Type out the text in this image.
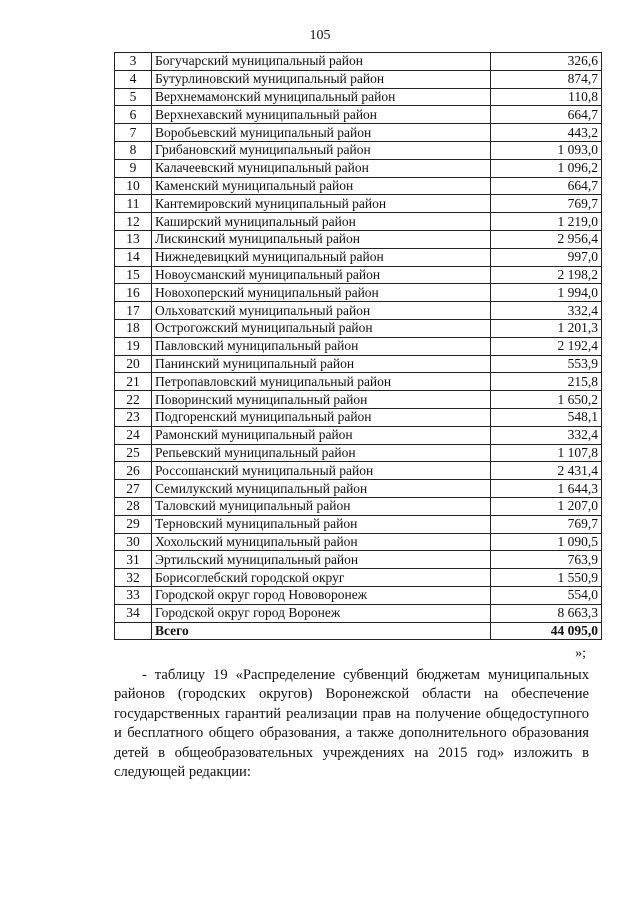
105
3	Богучарский муниципальный район	326,6
4	Бутурлиновский муниципальный район	874,7
5	Верхнемамонский муниципальный район	110,8
6	Верхнехавский муниципальный район	664,7
7	Воробьевский муниципальный район	443,2
8	Грибановский муниципальный район	1 093,0
9	Калачеевский муниципальный район	1 096,2
10	Каменский муниципальный район	664,7
11	Кантемировский муниципальный район	769,7
12	Каширский муниципальный район	1 219,0
13	Лискинский муниципальный район	2 956,4
14	Нижнедевицкий муниципальный район	997,0
15	Новоусманский муниципальный район	2 198,2
16	Новохоперский муниципальный район	1 994,0
17	Ольховатский муниципальный район	332,4
18	Острогожский муниципальный район	1 201,3
19	Павловский муниципальный район	2 192,4
20	Панинский муниципальный район	553,9
21	Петропавловский муниципальный район	215,8
22	Поворинский муниципальный район	1 650,2
23	Подгоренский муниципальный район	548,1
24	Рамонский муниципальный район	332,4
25	Репьевский муниципальный район	1 107,8
26	Россошанский муниципальный район	2 431,4
27	Семилукский муниципальный район	1 644,3
28	Таловский муниципальный район	1 207,0
29	Терновский муниципальный район	769,7
30	Хохольский муниципальный район	1 090,5
31	Эртильский муниципальный район	763,9
32	Борисоглебский городской округ	1 550,9
33	Городской округ город Нововоронеж	554,0
34	Городской округ город Воронеж	8 663,3
	Всего	44 095,0
»;

- таблицу 19 «Распределение субвенций бюджетам муниципальных районов (городских округов) Воронежской области на обеспечение государственных гарантий реализации прав на получение общедоступного и бесплатного общего образования, а также дополнительного образования детей в общеобразовательных учреждениях на 2015 год» изложить в следующей редакции:
